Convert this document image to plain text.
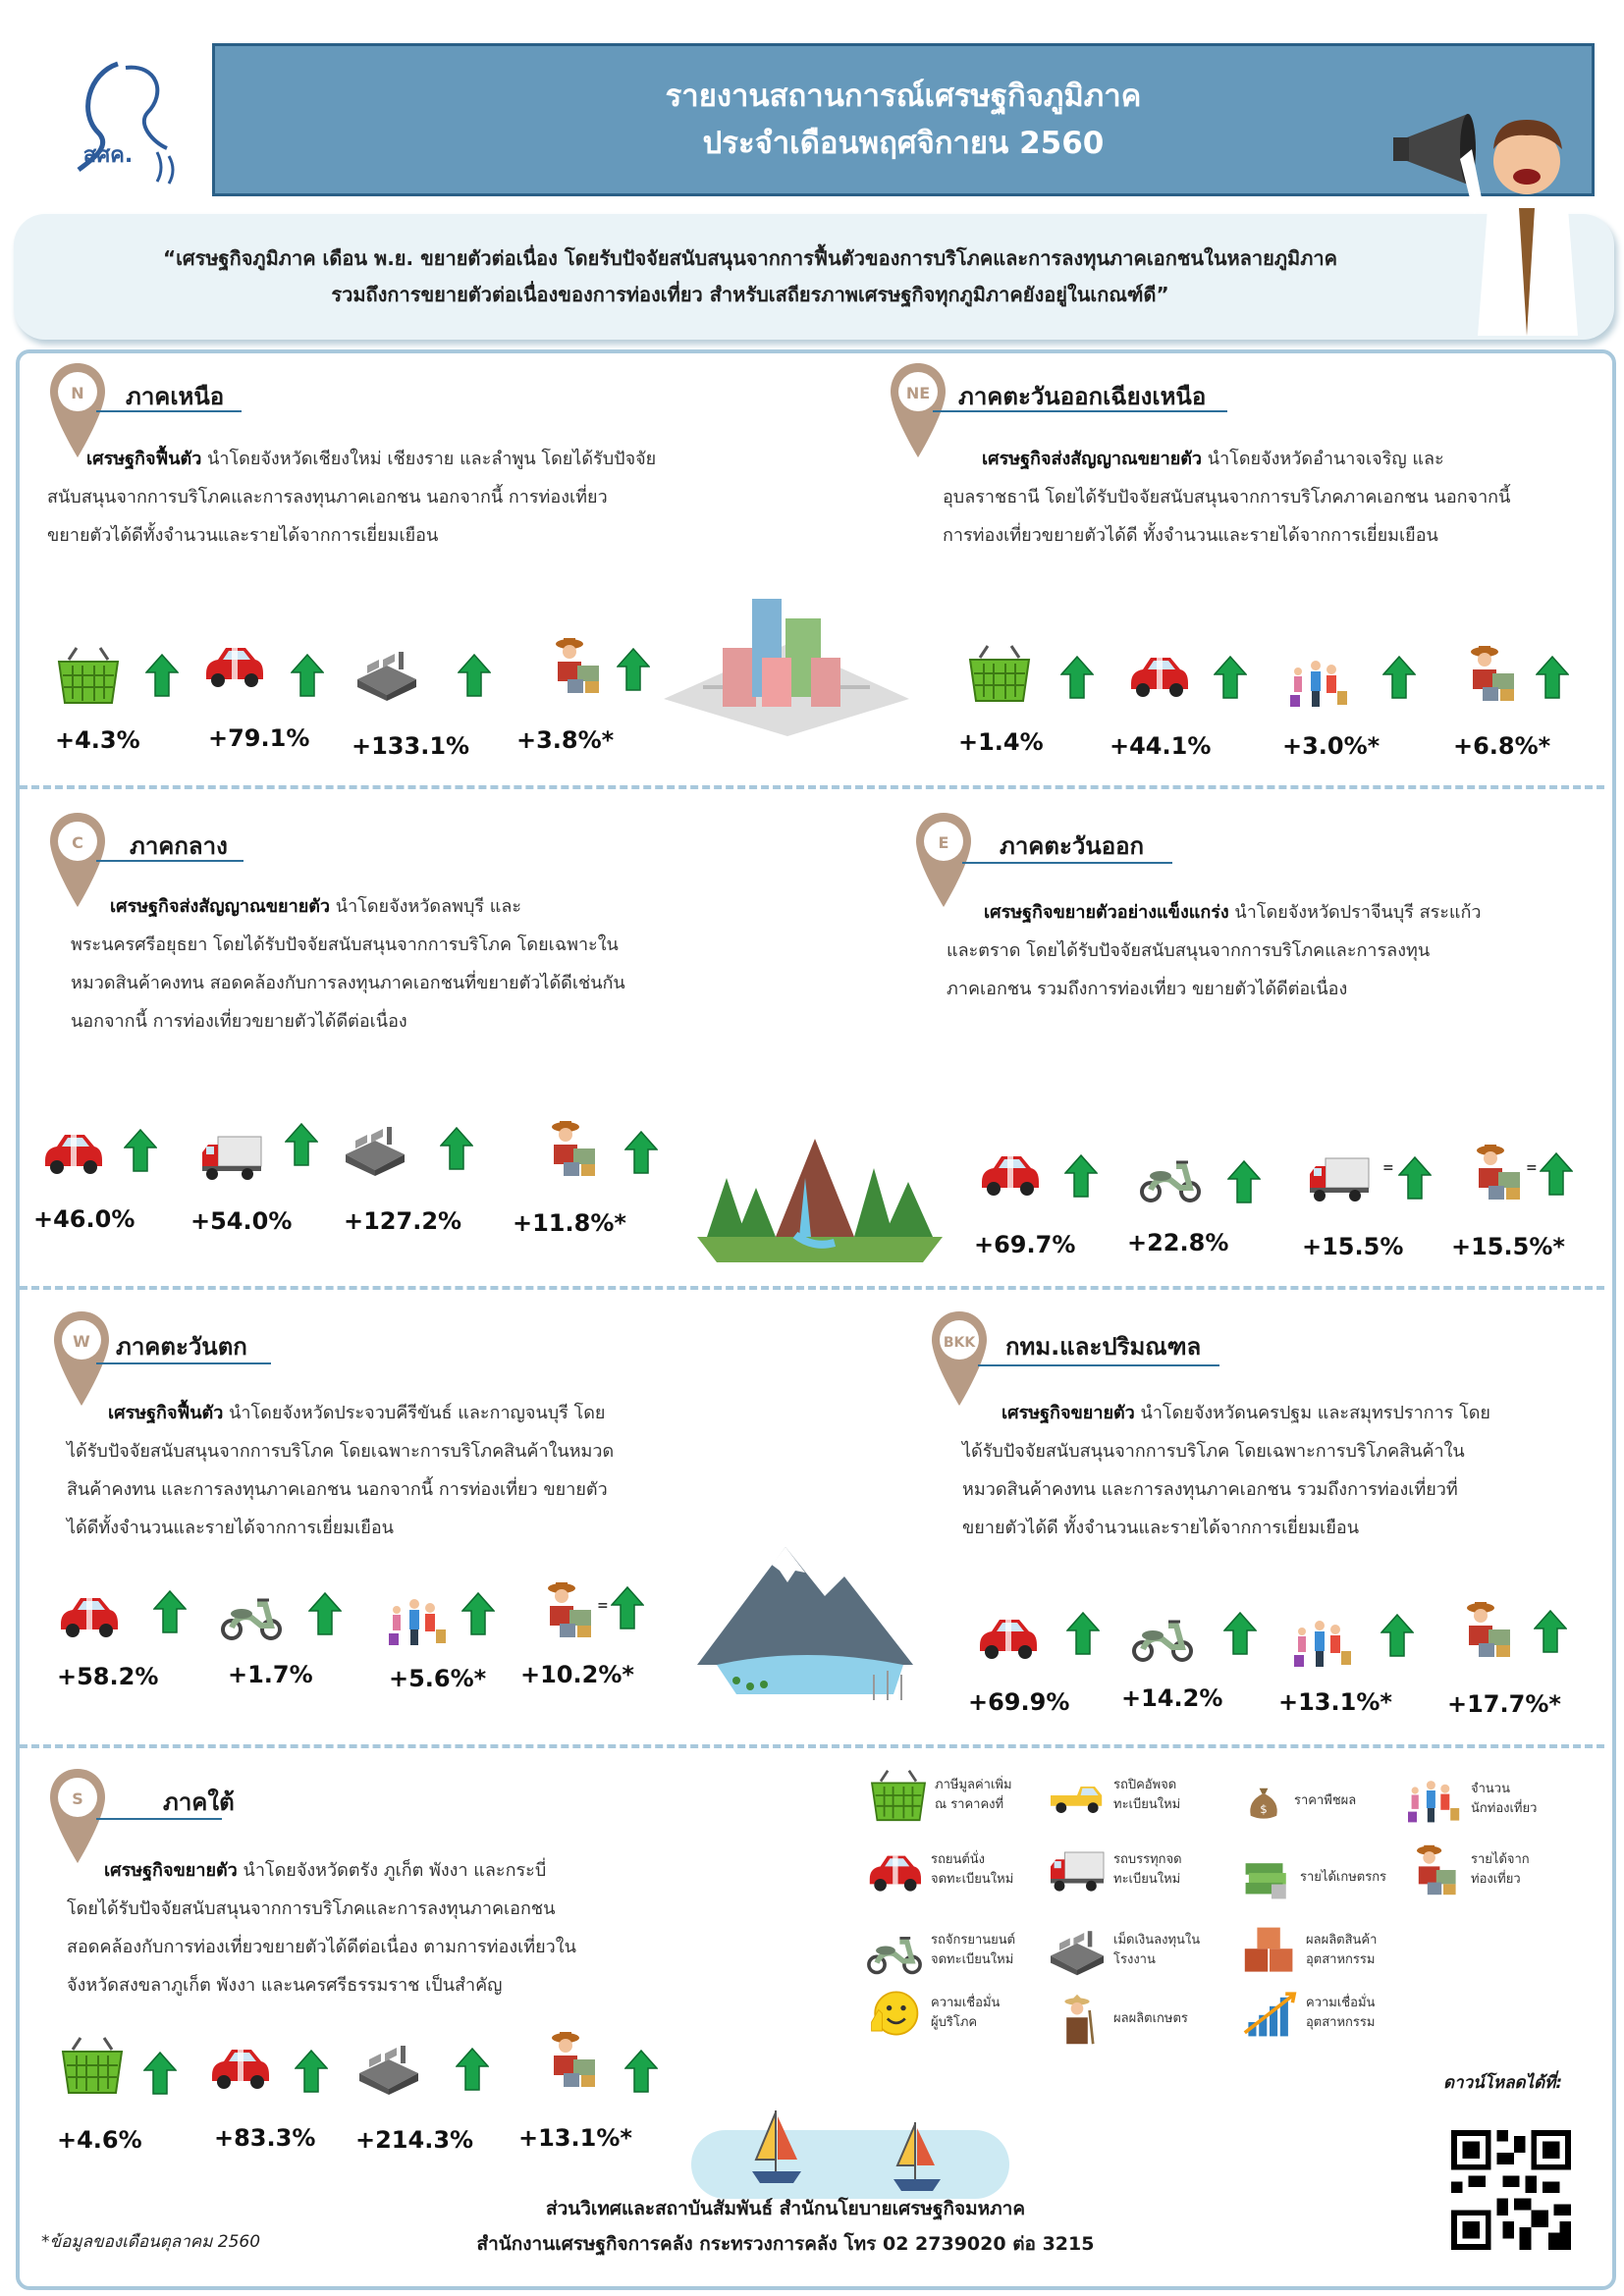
สศค.
รายงานสถานการณ์เศรษฐกิจภูมิภาค
ประจำเดือนพฤศจิกายน 2560
“เศรษฐกิจภูมิภาค เดือน พ.ย. ขยายตัวต่อเนื่อง โดยรับปัจจัยสนับสนุนจากการฟื้นตัวของการบริโภคและการลงทุนภาคเอกชนในหลายภูมิภาค
รวมถึงการขยายตัวต่อเนื่องของการท่องเที่ยว สำหรับเสถียรภาพเศรษฐกิจทุกภูมิภาคยังอยู่ในเกณฑ์ดี”
N ภาคเหนือ
เศรษฐกิจฟื้นตัว นำโดยจังหวัดเชียงใหม่ เชียงราย และลำพูน โดยได้รับปัจจัย
สนับสนุนจากการบริโภคและการลงทุนภาคเอกชน นอกจากนี้ การท่องเที่ยว
ขยายตัวได้ดีทั้งจำนวนและรายได้จากการเยี่ยมเยือน
+4.3%	+79.1% +133.1% +3.8%*
NE ภาคตะวันออกเฉียงเหนือ
เศรษฐกิจส่งสัญญาณขยายตัว นำโดยจังหวัดอำนาจเจริญ และ
อุบลราชธานี โดยได้รับปัจจัยสนับสนุนจากการบริโภคภาคเอกชน นอกจากนี้
การท่องเที่ยวขยายตัวได้ดี ทั้งจำนวนและรายได้จากการเยี่ยมเยือน
+1.4%	+44.1%	+3.0%*	+6.8%*
C ภาคกลาง
เศรษฐกิจส่งสัญญาณขยายตัว นำโดยจังหวัดลพบุรี และ
พระนครศรีอยุธยา โดยได้รับปัจจัยสนับสนุนจากการบริโภค โดยเฉพาะใน
หมวดสินค้าคงทน สอดคล้องกับการลงทุนภาคเอกชนที่ขยายตัวได้ดีเช่นกัน
นอกจากนี้ การท่องเที่ยวขยายตัวได้ดีต่อเนื่อง
+46.0% +54.0% +127.2% +11.8%*
E ภาคตะวันออก
เศรษฐกิจขยายตัวอย่างแข็งแกร่ง นำโดยจังหวัดปราจีนบุรี สระแก้ว
และตราด โดยได้รับปัจจัยสนับสนุนจากการบริโภคและการลงทุน
ภาคเอกชน รวมถึงการท่องเที่ยว ขยายตัวได้ดีต่อเนื่อง
=	=
+69.7% +22.8%	+15.5% +15.5%*
W ภาคตะวันตก
เศรษฐกิจฟื้นตัว นำโดยจังหวัดประจวบคีรีขันธ์ และกาญจนบุรี โดย
ได้รับปัจจัยสนับสนุนจากการบริโภค โดยเฉพาะการบริโภคสินค้าในหมวด
สินค้าคงทน และการลงทุนภาคเอกชน นอกจากนี้ การท่องเที่ยว ขยายตัว
ได้ดีทั้งจำนวนและรายได้จากการเยี่ยมเยือน
=
+58.2%	+1.7%	+5.6%* +10.2%*
BKK กทม.และปริมณฑล
เศรษฐกิจขยายตัว นำโดยจังหวัดนครปฐม และสมุทรปราการ โดย
ได้รับปัจจัยสนับสนุนจากการบริโภค โดยเฉพาะการบริโภคสินค้าใน
หมวดสินค้าคงทน และการลงทุนภาคเอกชน รวมถึงการท่องเที่ยวที่
ขยายตัวได้ดี ทั้งจำนวนและรายได้จากการเยี่ยมเยือน
+69.9% +14.2% +13.1%* +17.7%*
S	ภาคใต้
เศรษฐกิจขยายตัว นำโดยจังหวัดตรัง ภูเก็ต พังงา และกระบี่
โดยได้รับปัจจัยสนับสนุนจากการบริโภคและการลงทุนภาคเอกชน
สอดคล้องกับการท่องเที่ยวขยายตัวได้ดีต่อเนื่อง ตามการท่องเที่ยวใน
จังหวัดสงขลาภูเก็ต พังงา และนครศรีธรรมราช เป็นสำคัญ
+4.6%	+83.3% +214.3% +13.1%*
ภาษีมูลค่าเพิ่ม
ณ ราคาคงที่
รถปิคอัพจด
ทะเบียนใหม่	ราคาพืชผล
จำนวน
นักท่องเที่ยว
รถยนต์นั่ง
จดทะเบียนใหม่
รถบรรทุกจด
ทะเบียนใหม่	รายได้เกษตรกร
รายได้จาก
ท่องเที่ยว
รถจักรยานยนต์
จดทะเบียนใหม่
เม็ดเงินลงทุนใน
โรงงาน
ผลผลิตสินค้า
อุตสาหกรรม
ความเชื่อมั่น
ผู้บริโภค	ผลผลิตเกษตร
ความเชื่อมั่น
อุตสาหกรรม
ดาวน์โหลดได้ที่:
ส่วนวิเทศและสถาบันสัมพันธ์ สำนักนโยบายเศรษฐกิจมหภาค
สำนักงานเศรษฐกิจการคลัง กระทรวงการคลัง โทร 02 2739020 ต่อ 3215
*ข้อมูลของเดือนตุลาคม 2560
